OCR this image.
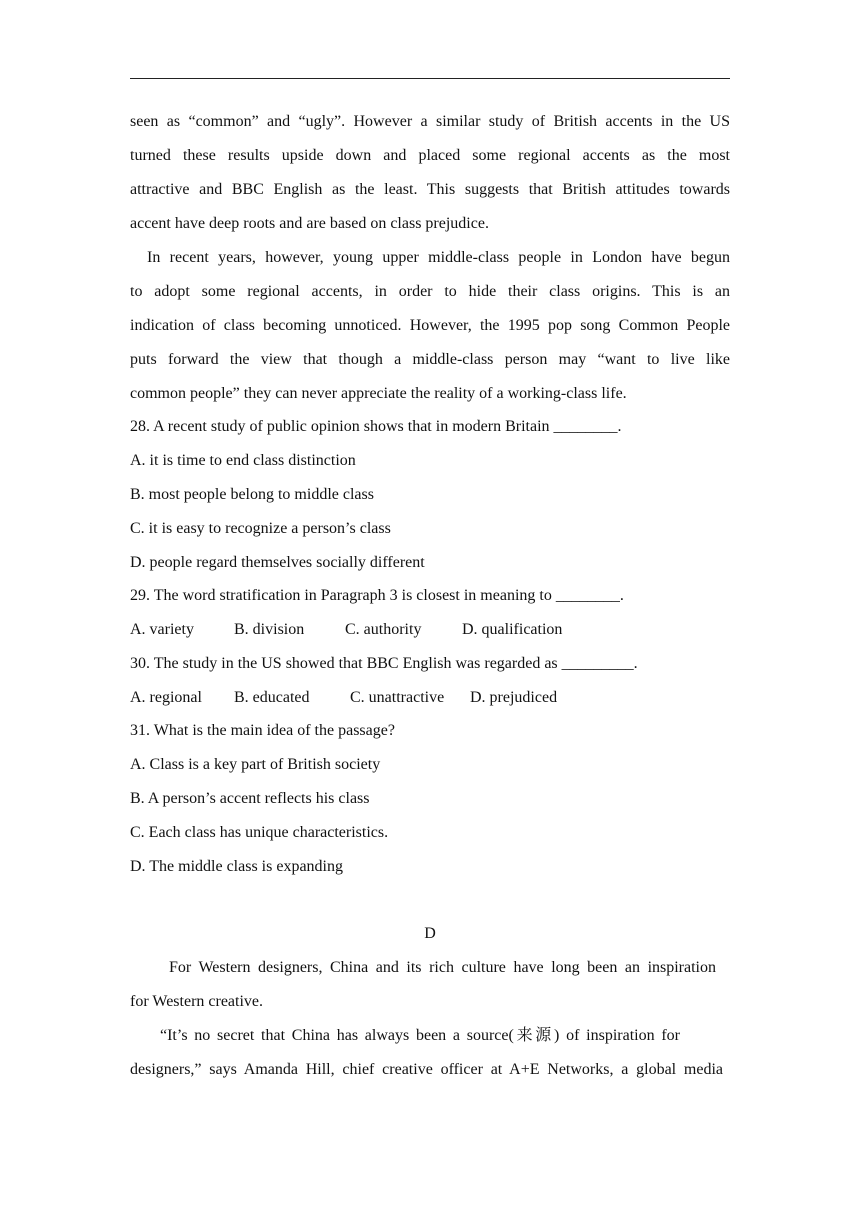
seen as “common” and “ugly”. However a similar study of British accents in the US
turned these results upside down and placed some regional accents as the most
attractive and BBC English as the least. This suggests that British attitudes towards
accent have deep roots and are based on class prejudice.
In recent years, however, young upper middle-class people in London have begun
to adopt some regional accents, in order to hide their class origins. This is an
indication of class becoming unnoticed. However, the 1995 pop song Common People
puts forward the view that though a middle-class person may “want to live like
common people” they can never appreciate the reality of a working-class life.
28. A recent study of public opinion shows that in modern Britain ________.
A. it is time to end class distinction
B. most people belong to middle class
C. it is easy to recognize a person’s class
D. people regard themselves socially different
29. The word stratification in Paragraph 3 is closest in meaning to ________.
A. variety	B. division	C. authority	D. qualification
30. The study in the US showed that BBC English was regarded as _________.
A. regional B. educated	C. unattractive D. prejudiced
31. What is the main idea of the passage?
A. Class is a key part of British society
B. A person’s accent reflects his class
C. Each class has unique characteristics.
D. The middle class is expanding
D
For Western designers, China and its rich culture have long been an inspiration
for Western creative.
“It’s no secret that China has always been a source(来源) of inspiration for
designers,” says Amanda Hill, chief creative officer at A+E Networks, a global media
